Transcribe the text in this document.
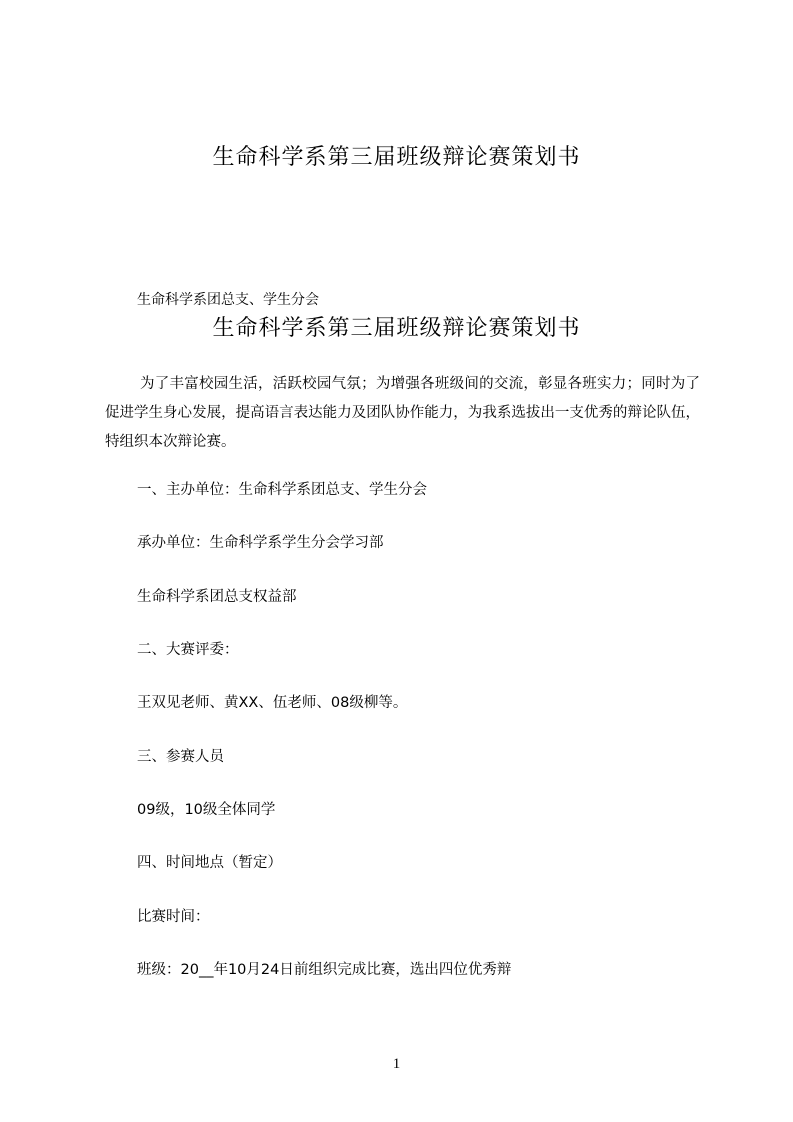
生命科学系第三届班级辩论赛策划书
生命科学系团总支、学生分会
生命科学系第三届班级辩论赛策划书

为了丰富校园生活，活跃校园气氛；为增强各班级间的交流，彰显各班实力；同时为了促进学生身心发展，提高语言表达能力及团队协作能力，为我系选拔出一支优秀的辩论队伍，特组织本次辩论赛。

一、主办单位：生命科学系团总支、学生分会

承办单位：生命科学系学生分会学习部

生命科学系团总支权益部

二、大赛评委：

王双见老师、黄XX、伍老师、08级柳等。

三、参赛人员

09级，10级全体同学

四、时间地点（暂定）

比赛时间：

班级：20__年10月24日前组织完成比赛，选出四位优秀辩

1
